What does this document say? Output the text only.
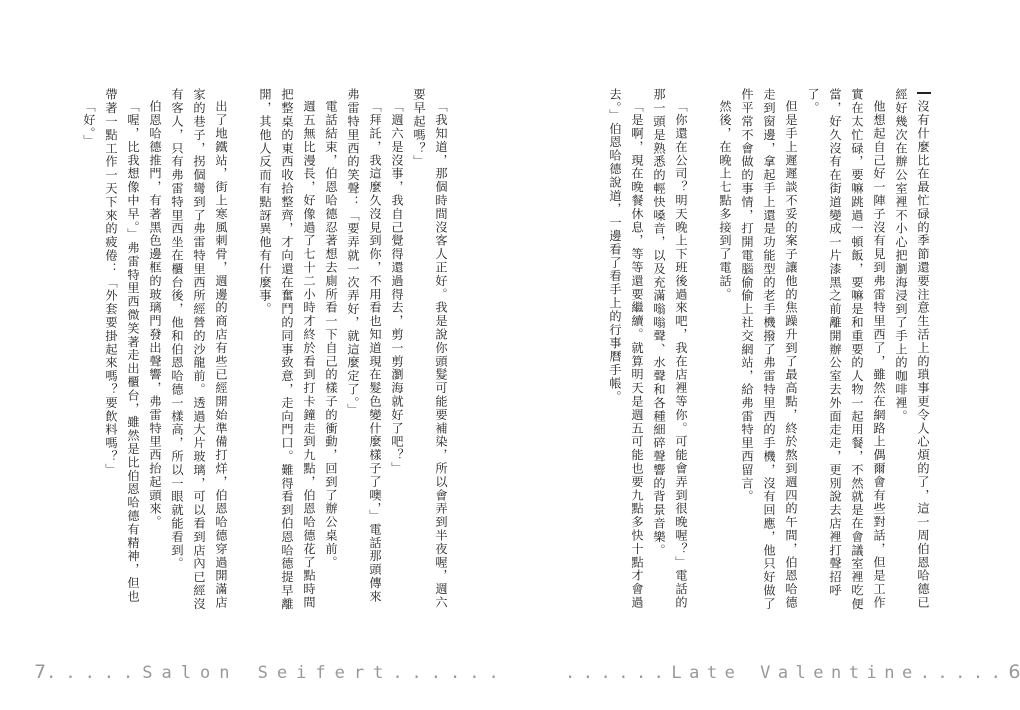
沒有什麼比在最忙碌的季節還要注意生活上的瑣事更令人心煩的了，這一周伯恩哈德已經好幾次在辦公室裡不小心把瀏海浸到了手上的咖啡裡。
他想起自己好一陣子沒有見到弗雷特里西了，雖然在網路上偶爾會有些對話，但是工作實在太忙碌，要嘛跳過一頓飯，要嘛是和重要的人物一起用餐，不然就是在會議室裡吃便當，好久沒有在街道變成一片漆黑之前離開辦公室去外面走走，更別說去店裡打聲招呼了。
但是手上遲遲談不妥的案子讓他的焦躁升到了最高點，終於熬到週四的午間，伯恩哈德走到窗邊，拿起手上還是功能型的老手機撥了弗雷特里西的手機，沒有回應，他只好做了件平常不會做的事情，打開電腦偷偷上社交網站，給弗雷特里西留言。
然後，在晚上七點多接到了電話。
「你還在公司？明天晚上下班後過來吧，我在店裡等你。可能會弄到很晚喔？」電話的那一頭是熟悉的輕快嗓音，以及充滿嗡嗡聲、水聲和各種細碎聲響的背景音樂。
「是啊，現在晚餐休息，等等還要繼續。就算明天是週五可能也要九點多快十點才會過去。」伯恩哈德說道，一邊看了看手上的行事曆手帳。
「我知道，那個時間沒客人正好。我是說你頭髮可能要補染，所以會弄到半夜喔，週六要早起嗎？」
「週六是沒事，我自己覺得還過得去，剪一剪瀏海就好了吧？」
「拜託，我這麼久沒見到你，不用看也知道現在髮色變什麼樣子了噢，」電話那頭傳來弗雷特里西的笑聲：「要弄就一次弄好，就這麼定了。」
電話結束，伯恩哈德忍著想去廁所看一下自己的樣子的衝動，回到了辦公桌前。
週五無比漫長，好像過了七十二小時才終於看到打卡鐘走到九點，伯恩哈德花了點時間把整桌的東西收拾整齊，才向還在奮鬥的同事致意，走向門口。難得看到伯恩哈德提早離開，其他人反而有點訝異他有什麼事。
出了地鐵站，街上寒風刺骨，週邊的商店有些已經開始準備打烊，伯恩哈德穿過開滿店家的巷子，拐個彎到了弗雷特里西所經營的沙龍前。透過大片玻璃，可以看到店內已經沒有客人，只有弗雷特里西坐在櫃台後，他和伯恩哈德一樣高，所以一眼就能看到。
伯恩哈德推門，有著黑色邊框的玻璃門發出聲響，弗雷特里西抬起頭來。
「喔，比我想像中早。」弗雷特里西微笑著走出櫃台，雖然是比伯恩哈德有精神，但也帶著一點工作一天下來的疲倦：「外套要掛起來嗎？要飲料嗎？」
「好。」
7.....Salon Seifert......	......Late Valentine.....6
